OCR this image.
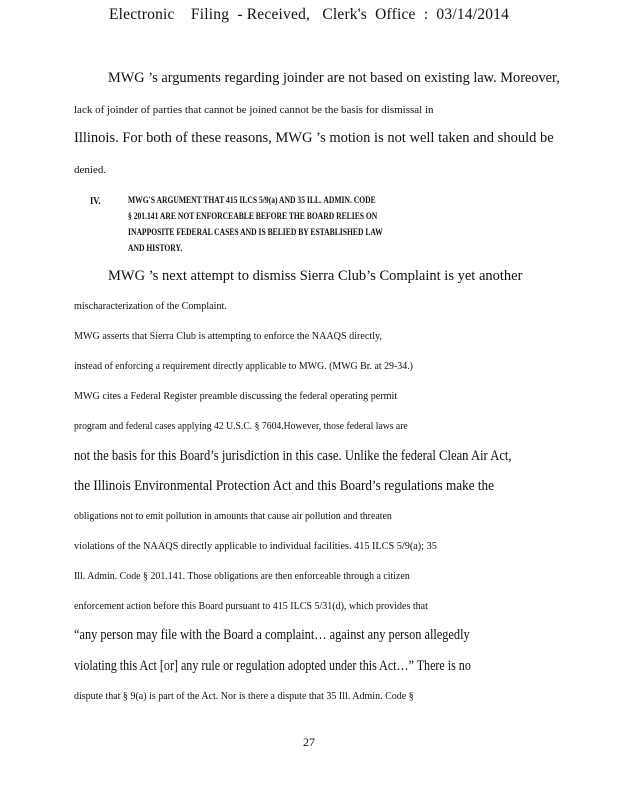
Electronic    Filing  - Received,   Clerk's  Office  :  03/14/2014
MWG ’s arguments regarding joinder are not based on existing law. Moreover,
lack of joinder of parties that cannot be joined cannot be the basis for dismissal in
Illinois. For both of these reasons, MWG ’s motion is not well taken and should be
denied.
IV.	MWG'S ARGUMENT THAT 415 ILCS 5/9(a) AND 35 ILL. ADMIN. CODE
§ 201.141 ARE NOT ENFORCEABLE BEFORE THE BOARD RELIES ON
INAPPOSITE FEDERAL CASES AND IS BELIED BY ESTABLISHED LAW
AND HISTORY.
MWG ’s next attempt to dismiss Sierra Club’s Complaint is yet another
mischaracterization of the Complaint.
MWG asserts that Sierra Club is attempting to enforce the NAAQS directly,
instead of enforcing a requirement directly applicable to MWG. (MWG Br. at 29-34.)
MWG cites a Federal Register preamble discussing the federal operating permit
program and federal cases applying 42 U.S.C. § 7604.However, those federal laws are
not the basis for this Board’s jurisdiction in this case. Unlike the federal Clean Air Act,
the Illinois Environmental Protection Act and this Board’s regulations make the
obligations not to emit pollution in amounts that cause air pollution and threaten
violations of the NAAQS directly applicable to individual facilities. 415 ILCS 5/9(a); 35
Ill. Admin. Code § 201.141. Those obligations are then enforceable through a citizen
enforcement action before this Board pursuant to 415 ILCS 5/31(d), which provides that
“any person may file with the Board a complaint… against any person allegedly
violating this Act [or] any rule or regulation adopted under this Act…” There is no
dispute that § 9(a) is part of the Act. Nor is there a dispute that 35 Ill. Admin. Code §
27
